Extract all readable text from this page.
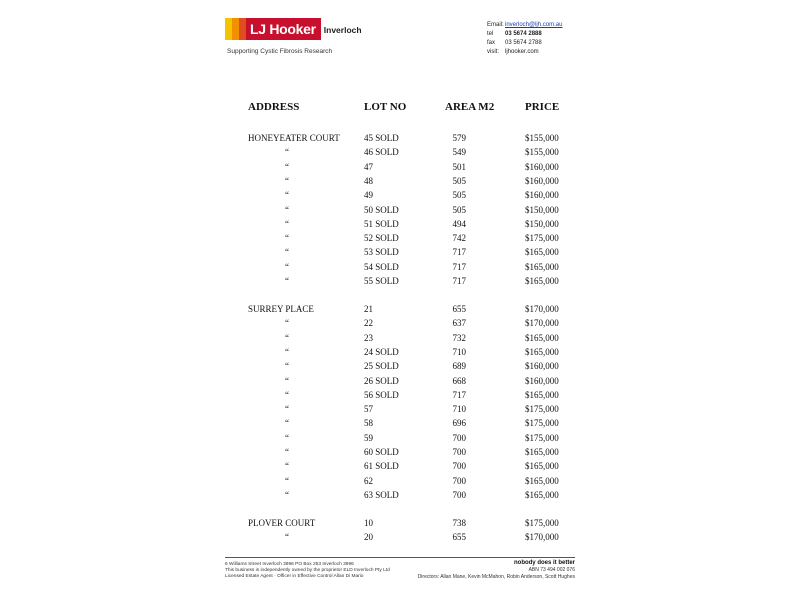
LJ Hooker Inverloch
Supporting Cystic Fibrosis Research
Email: inverloch@ljh.com.au
tel	03 5674 2888
fax	03 5674 2788
visit:	ljhooker.com
ADDRESS	LOT NO	AREA M2	PRICE
HONEYEATER COURT	45 SOLD	579	$155,000
“	46 SOLD	549	$155,000
“	47	501	$160,000
“	48	505	$160,000
“	49	505	$160,000
“	50 SOLD	505	$150,000
“	51 SOLD	494	$150,000
“	52 SOLD	742	$175,000
“	53 SOLD	717	$165,000
“	54 SOLD	717	$165,000
“	55 SOLD	717	$165,000
SURREY PLACE	21	655	$170,000
“	22	637	$170,000
“	23	732	$165,000
“	24 SOLD	710	$165,000
“	25 SOLD	689	$160,000
“	26 SOLD	668	$160,000
“	56 SOLD	717	$165,000
“	57	710	$175,000
“	58	696	$175,000
“	59	700	$175,000
“	60 SOLD	700	$165,000
“	61 SOLD	700	$165,000
“	62	700	$165,000
“	63 SOLD	700	$165,000
PLOVER COURT	10	738	$175,000
“	20	655	$170,000
6 Williams Street Inverloch 3996 PO Box 253 Inverloch 3996
This business is independently owned by the proprietor ELD Inverloch Pty Ltd
Licensed Estate Agent · Officer in Effective Control Allan Di Mario
nobody does it better
ABN 73 494 002 076
Directors: Allan Mane, Kevin McMahon, Robin Anderson, Scott Hughes
